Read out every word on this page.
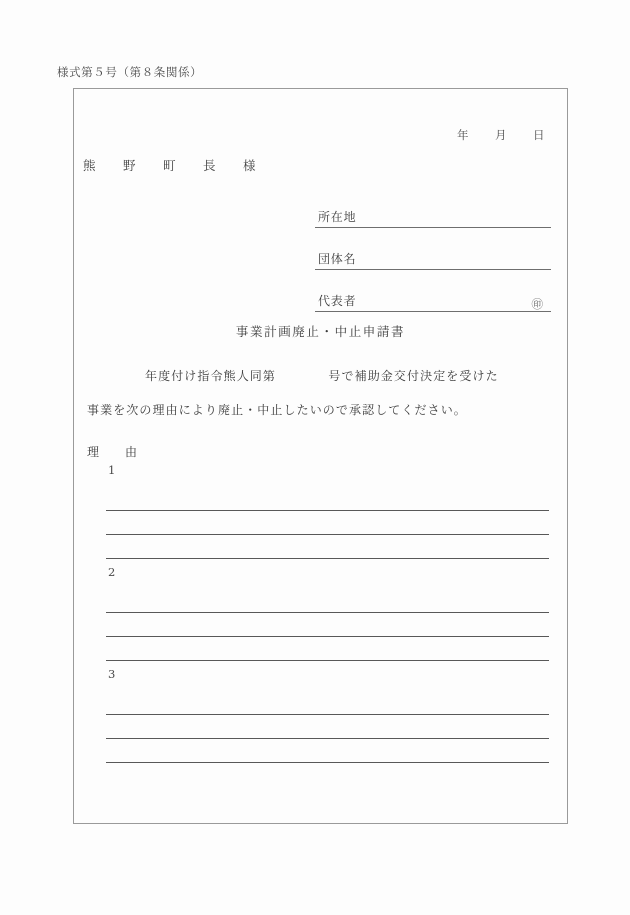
様式第５号（第８条関係）

年 月 日

熊　野　町　長　様
所在地
団体名
代表者	㊞
事業計画廃止・中止申請書
年度付け指令熊人同第　　　　号で補助金交付決定を受けた
事業を次の理由により廃止・中止したいので承認してください。
理　由
1
2
3
